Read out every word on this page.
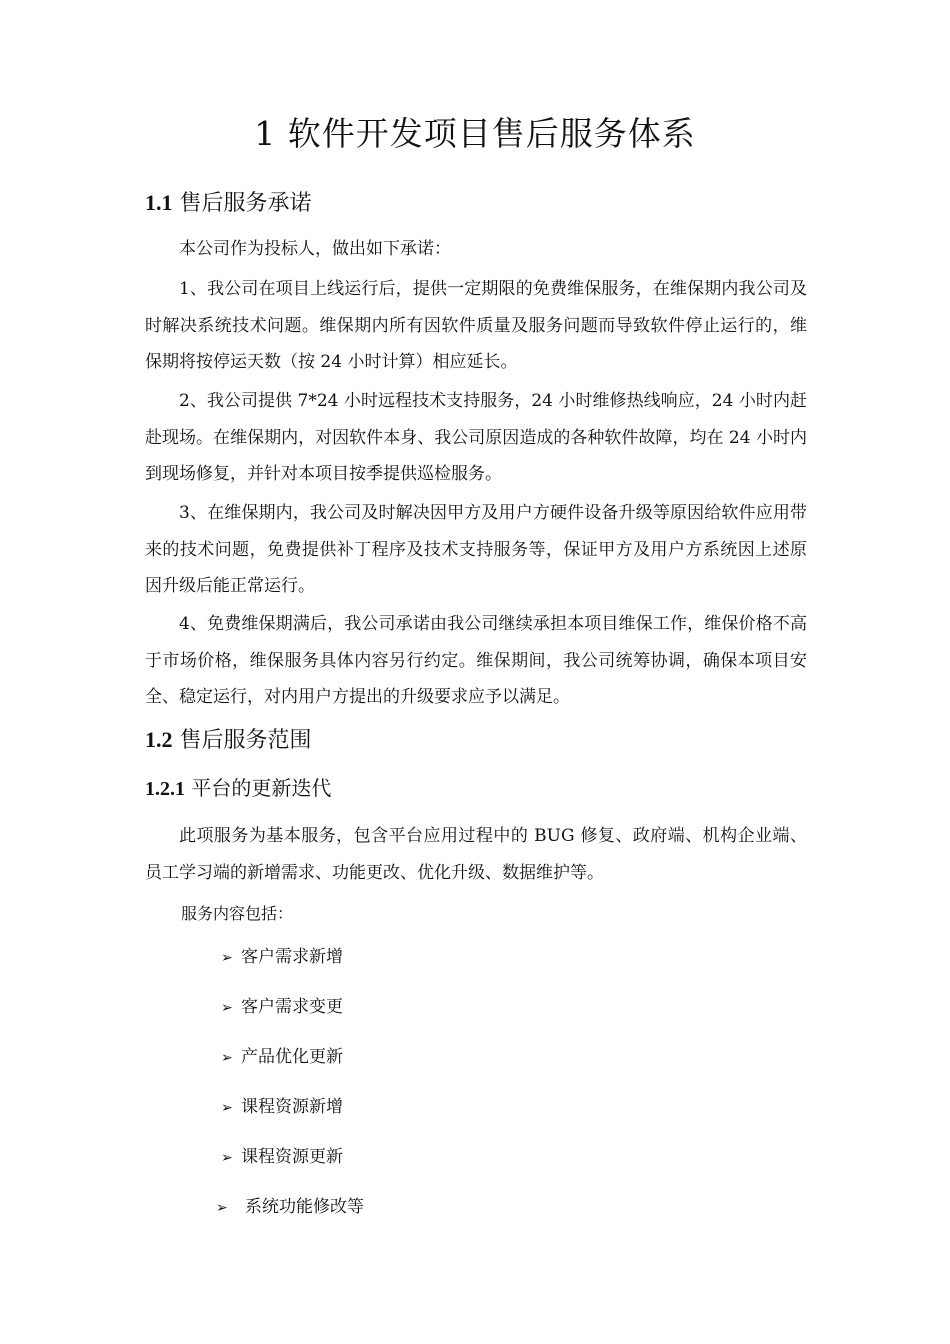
1 软件开发项目售后服务体系
1.1 售后服务承诺

本公司作为投标人，做出如下承诺：

1、我公司在项目上线运行后，提供一定期限的免费维保服务，在维保期内我公司及时解决系统技术问题。维保期内所有因软件质量及服务问题而导致软件停止运行的，维保期将按停运天数（按 24 小时计算）相应延长。

2、我公司提供 7*24 小时远程技术支持服务，24 小时维修热线响应，24 小时内赶赴现场。在维保期内，对因软件本身、我公司原因造成的各种软件故障，均在 24 小时内到现场修复，并针对本项目按季提供巡检服务。

3、在维保期内，我公司及时解决因甲方及用户方硬件设备升级等原因给软件应用带来的技术问题，免费提供补丁程序及技术支持服务等，保证甲方及用户方系统因上述原因升级后能正常运行。

4、免费维保期满后，我公司承诺由我公司继续承担本项目维保工作，维保价格不高于市场价格，维保服务具体内容另行约定。维保期间，我公司统筹协调，确保本项目安全、稳定运行，对内用户方提出的升级要求应予以满足。

1.2 售后服务范围
1.2.1 平台的更新迭代

此项服务为基本服务，包含平台应用过程中的 BUG 修复、政府端、机构企业端、员工学习端的新增需求、功能更改、优化升级、数据维护等。

服务内容包括：
➢ 客户需求新增
➢ 客户需求变更
➢ 产品优化更新
➢ 课程资源新增
➢ 课程资源更新
➢ 系统功能修改等
